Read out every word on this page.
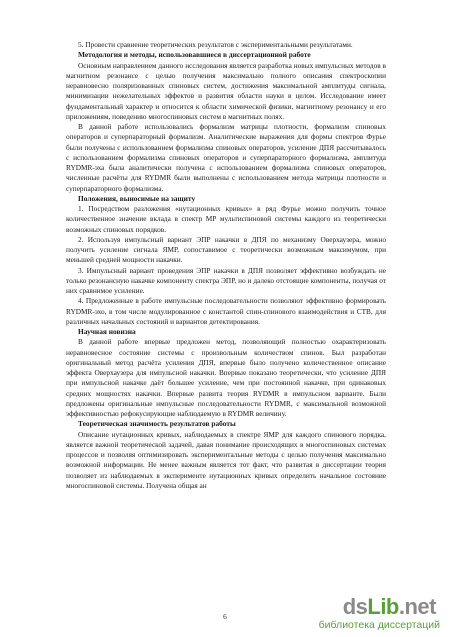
5. Провести сравнение теоретических результатов с экспериментальными результатами.

Методология и методы, использовавшиеся в диссертационной работе

Основным направлением данного исследования является разработка новых импульсных методов в магнитном резонансе с целью получения максимально полного описания спектроскопии неравновесно поляризованных спиновых систем, достижения максимальной амплитуды сигнала, минимизации нежелательных эффектов и развития области науки в целом. Исследование имеет фундаментальный характер и относится к области химической физики, магнитному резонансу и его приложениям, поведению многоспиновых систем в магнитных полях.

В данной работе использовались формализм матрицы плотности, формализм спиновых операторов и суперпараторный формализм. Аналитические выражения для формы спектров Фурье были получены с использованием формализма спиновых операторов, усиление ДПЯ рассчитывалось с использованием формализма спиновых операторов и суперпараторного формализма, амплитуда RYDMR-эха была аналитически получена с использованием формализма спиновых операторов, численные расчёты для RYDMR были выполнены с использованием метода матрицы плотности и суперпараторного формализма.

Положения, выносимые на защиту

1. Посредством разложения «нутационных кривых» в ряд Фурье можно получить точное количественное значение вклада в спектр МР мультиспиновой системы каждого из теоретически возможных спиновых порядков.

2. Используя импульсный вариант ЭПР накачки в ДПЯ по механизму Оверхаузера, можно получить усиление сигнала ЯМР, сопоставимое с теоретически возможным максимумом, при меньшей средней мощности накачки.

3. Импульсный вариант проведения ЭПР накачки в ДПЯ позволяет эффективно возбуждать не только резонансную накачке компоненту спектра ЭПР, но и далеко отстоящие компоненты, получая от них сравнимое усиление.

4. Предложенные в работе импульсные последовательности позволяют эффективно формировать RYDMR-эхо, в том числе модулированное с константой спин-спинового взаимодействия и СТВ, для различных начальных состояний и вариантов детектирования.

Научная новизна

В данной работе впервые предложен метод, позволяющий полностью охарактеризовать неравновесное состояние системы с произвольным количеством спинов. Был разработан оригинальный метод расчёта усиления ДПЯ, впервые было получено количественное описание эффекта Оверхаузера для импульсной накачки. Впервые показано теоретически, что усиление ДПЯ при импульсной накачке даёт большее усиление, чем при постоянной накачке, при одинаковых средних мощностях накачки. Впервые развита теория RYDMR в импульсном варианте. Были предложены оригинальные импульсные последовательности RYDMR, с максимальной возможной эффективностью рефокусирующие наблюдаемую в RYDMR величину.

Теоретическая значимость результатов работы

Описание нутационных кривых, наблюдаемых в спектре ЯМР для каждого спинового порядка, является важной теоретической задачей, давая понимание происходящих в многоспиновых системах процессов и позволяя оптимизировать экспериментальные методы с целью получения максимально возможной информации. Не менее важным является тот факт, что развитая в диссертации теория позволяет из наблюдаемых в эксперименте нутационных кривых определить начальное состояние многоспиновой системы. Получена общая ан

6	dsLib.net
библиотека диссертаций
